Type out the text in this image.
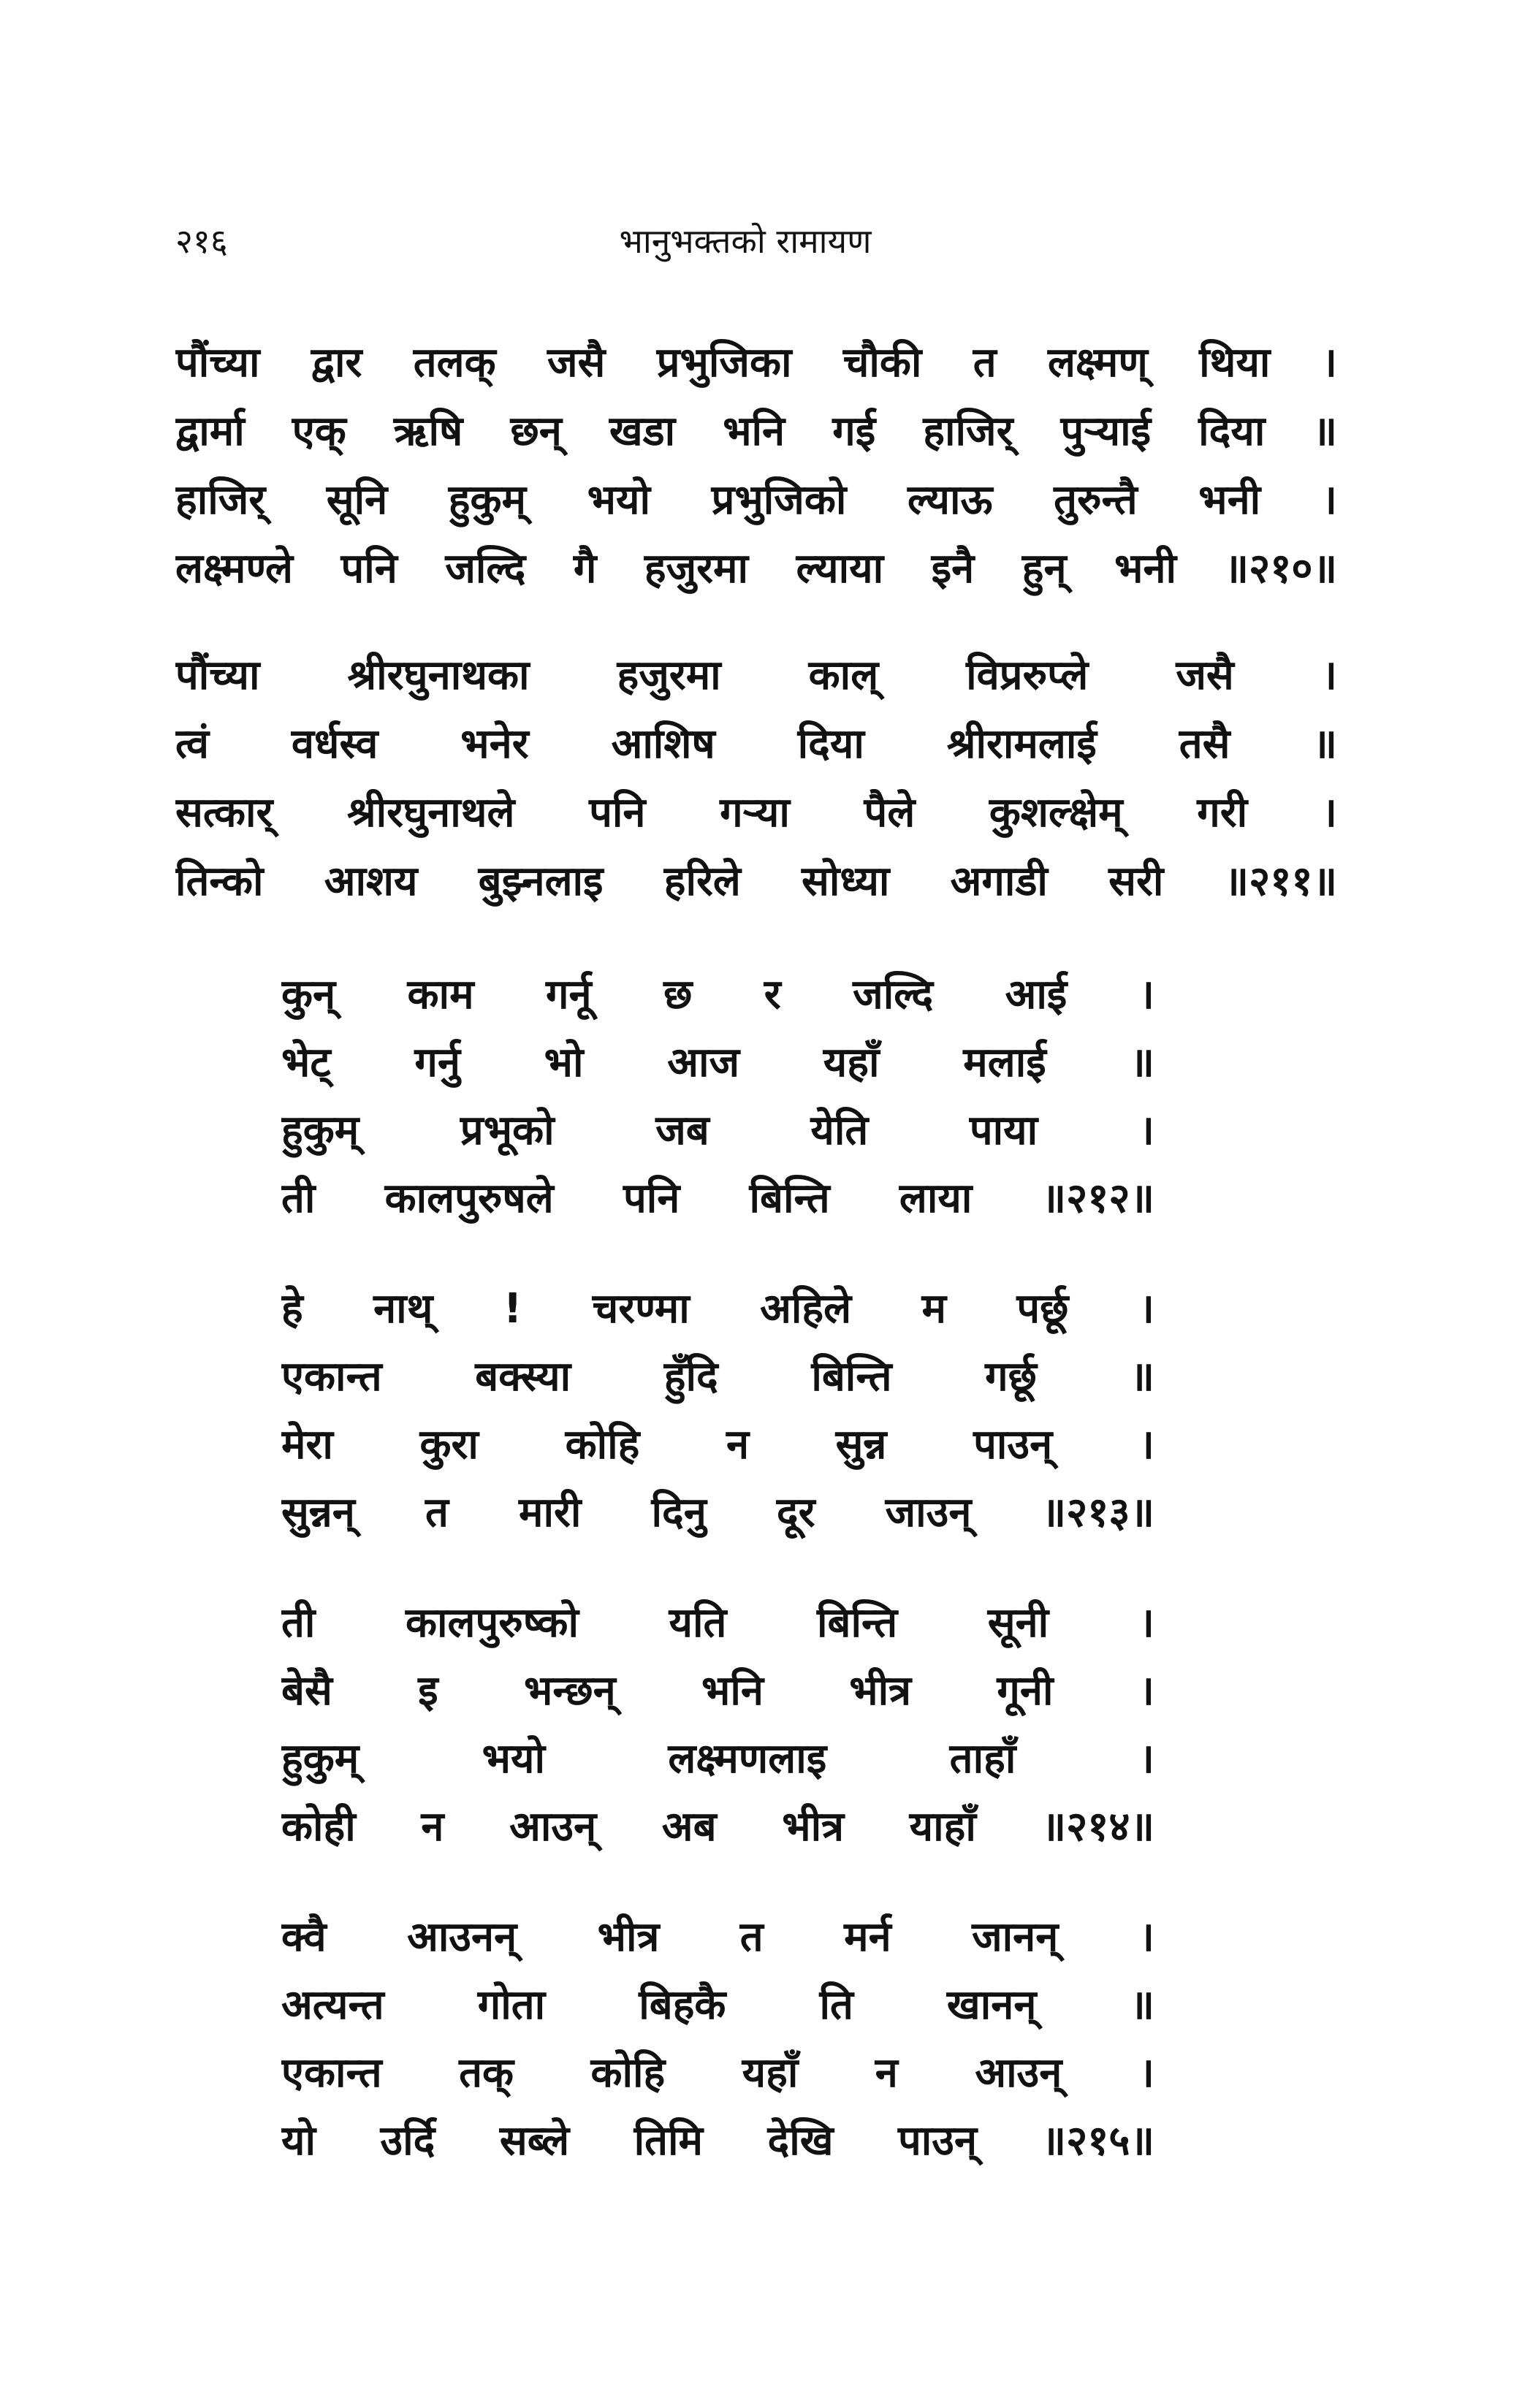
२१६	भानुभक्तको रामायण
पौंच्या द्वार तलक् जसै प्रभुजिका चौकी त लक्ष्मण् थिया ।
द्वार्मा एक् ऋषि छन् खडा भनि गई हाजिर् पुऱ्याई दिया ॥
हाजिर् सूनि हुकुम् भयो प्रभुजिको ल्याऊ तुरुन्तै भनी ।
लक्ष्मण्ले पनि जल्दि गै हजुरमा ल्याया इनै हुन् भनी ॥२१०॥
पौंच्या श्रीरघुनाथका हजुरमा काल् विप्ररुप्ले जसै ।
त्वं वर्धस्व भनेर आशिष दिया श्रीरामलाई तसै ॥
सत्कार् श्रीरघुनाथले पनि गऱ्या पैले कुशल्क्षेम् गरी ।
तिन्को आशय बुझ्नलाइ हरिले सोध्या अगाडी सरी ॥२११॥
कुन् काम गर्नू छ र जल्दि आई ।
भेट् गर्नु भो आज यहाँ मलाई ॥
हुकुम् प्रभूको जब येति पाया ।
ती कालपुरुषले पनि बिन्ति लाया ॥२१२॥
हे नाथ् ! चरण्मा अहिले म पर्छू ।
एकान्त बक्स्या हुँदि बिन्ति गर्छू ॥
मेरा कुरा कोहि न सुन्न पाउन् ।
सुन्नन् त मारी दिनु दूर जाउन् ॥२१३॥
ती कालपुरुष्को यति बिन्ति सूनी ।
बेसै इ भन्छन् भनि भीत्र गूनी ।
हुकुम् भयो लक्ष्मणलाइ ताहाँ ।
कोही न आउन् अब भीत्र याहाँ ॥२१४॥
क्वै आउनन् भीत्र त मर्न जानन् ।
अत्यन्त गोता बिहकै ति खानन् ॥
एकान्त तक् कोहि यहाँ न आउन् ।
यो उर्दि सब्ले तिमि देखि पाउन् ॥२१५॥
